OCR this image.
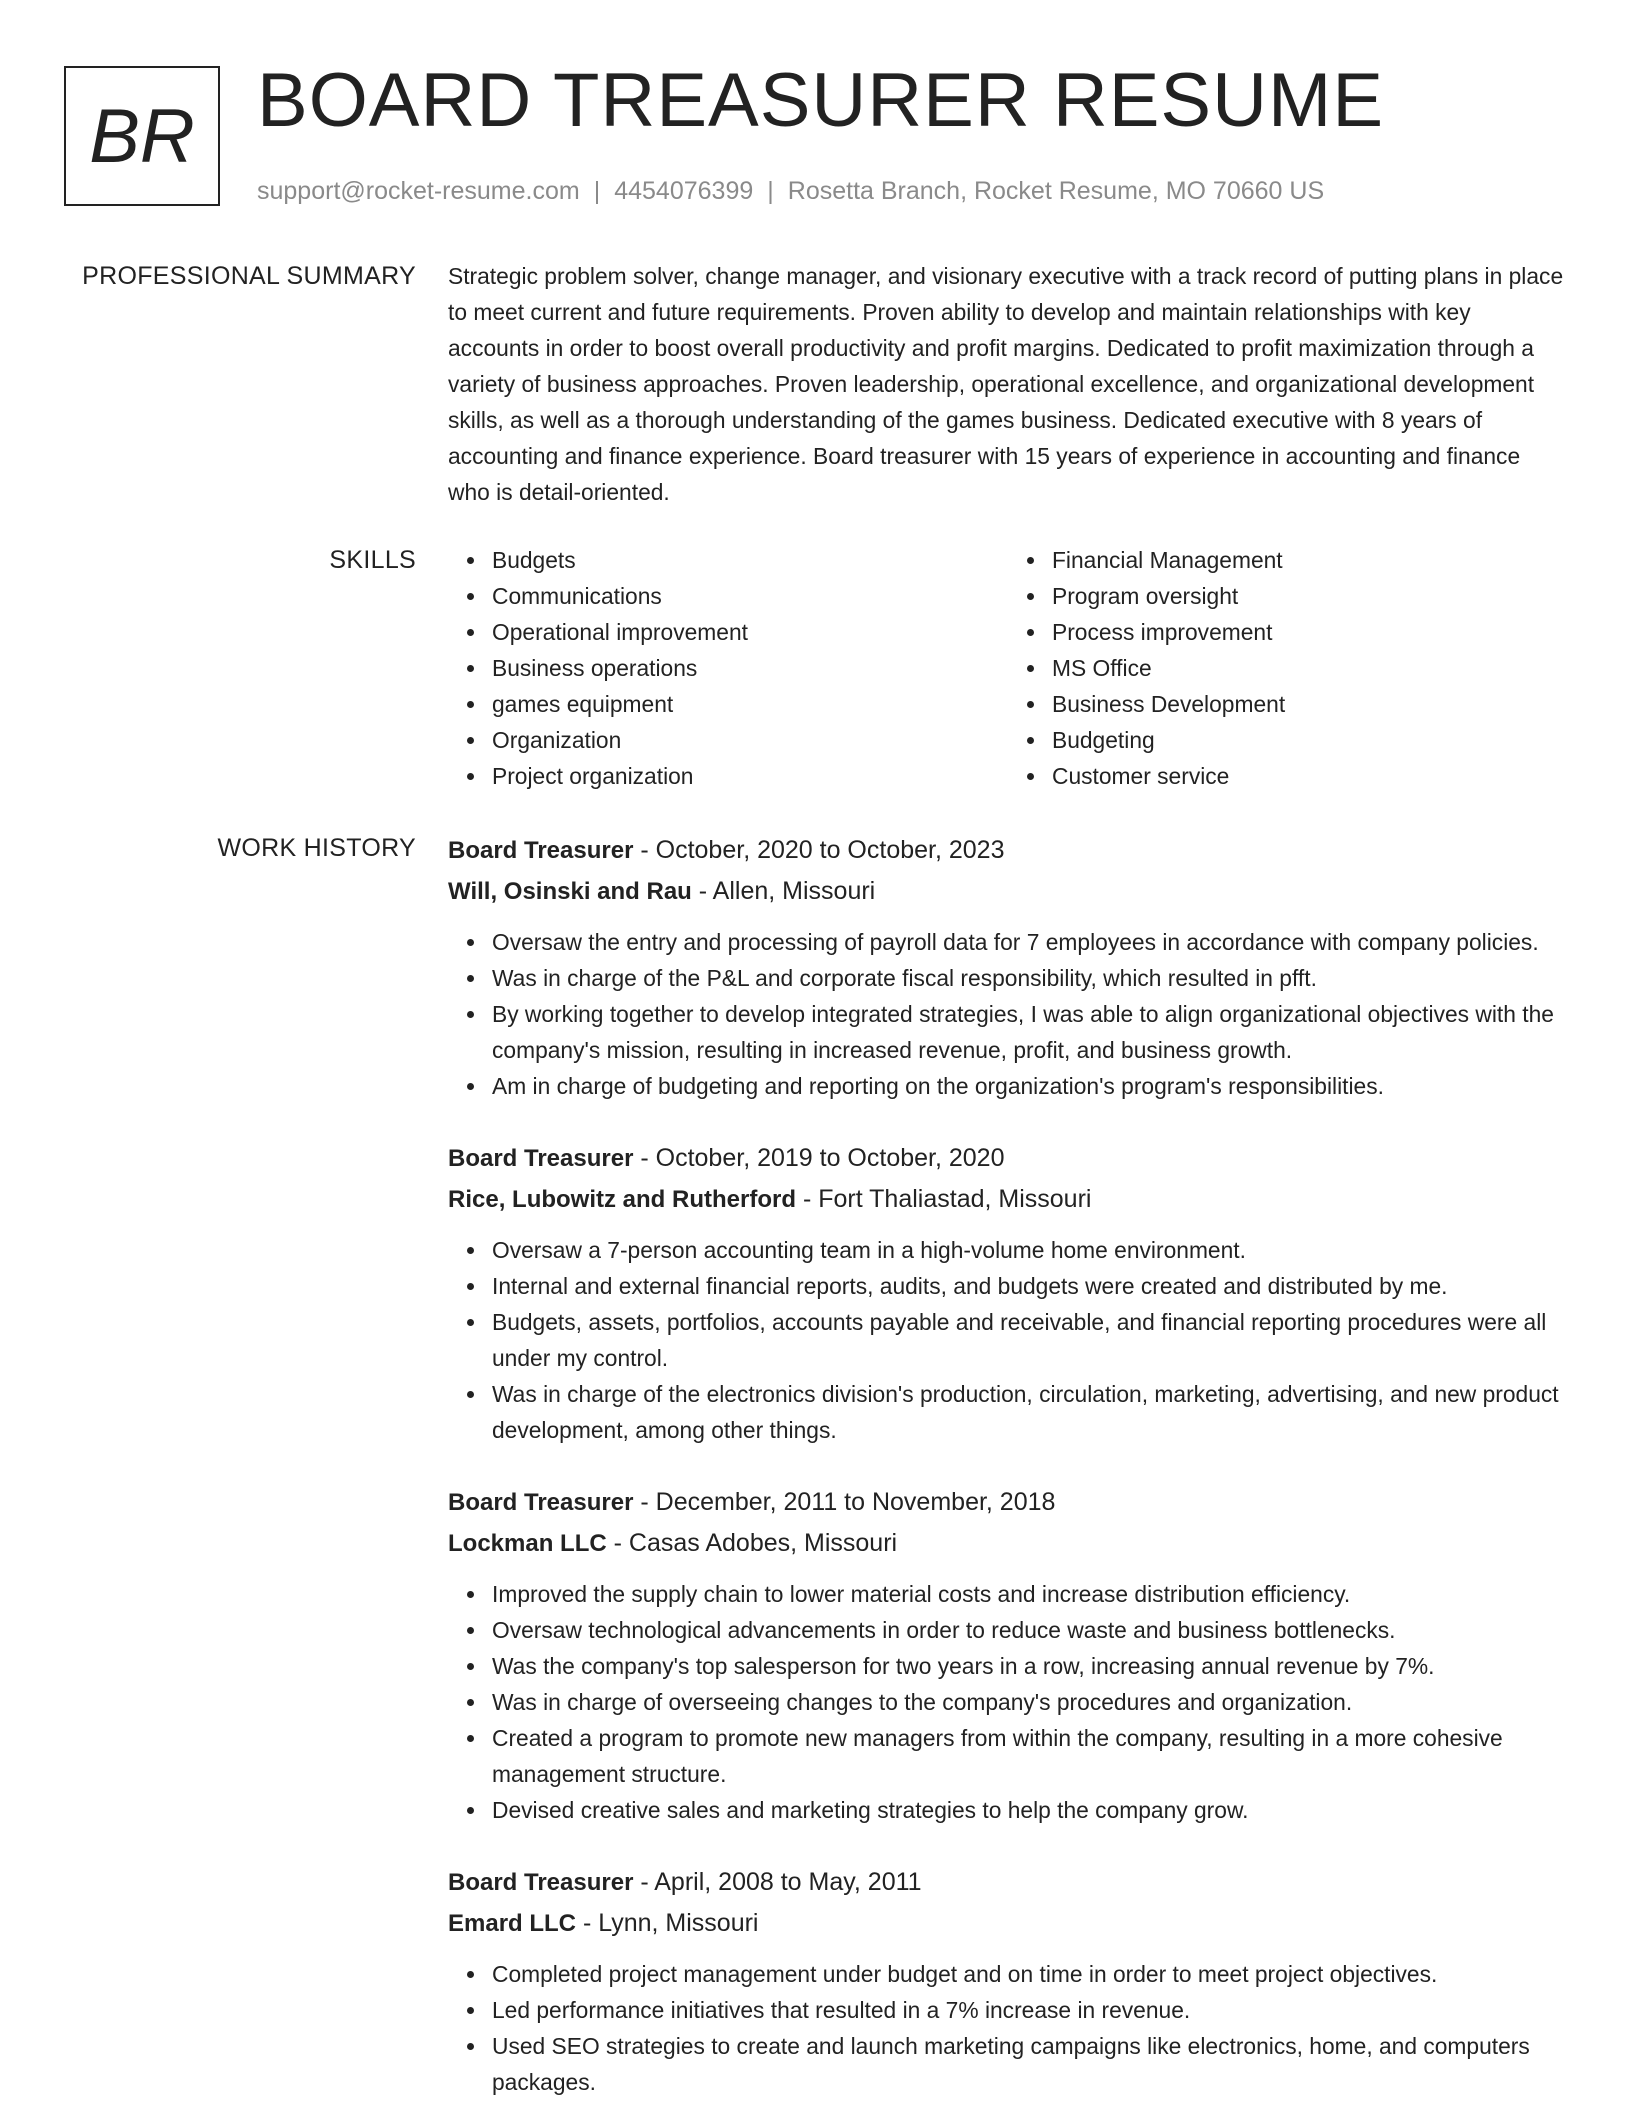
BR BOARD TREASURER RESUME
support@rocket-resume.com | 4454076399 | Rosetta Branch, Rocket Resume, MO 70660 US
PROFESSIONAL SUMMARY Strategic problem solver, change manager, and visionary executive with a track record of putting plans in place to meet current and future requirements. Proven ability to develop and maintain relationships with key accounts in order to boost overall productivity and profit margins. Dedicated to profit maximization through a variety of business approaches. Proven leadership, operational excellence, and organizational development skills, as well as a thorough understanding of the games business. Dedicated executive with 8 years of accounting and finance experience. Board treasurer with 15 years of experience in accounting and finance who is detail-oriented.

SKILLS	Budgets
Communications
Operational improvement
Business operations
games equipment
Organization
Project organization
Financial Management
Program oversight
Process improvement
MS Office
Business Development
Budgeting
Customer service
WORK HISTORY Board Treasurer - October, 2020 to October, 2023
Will, Osinski and Rau - Allen, Missouri
Oversaw the entry and processing of payroll data for 7 employees in accordance with company policies.
Was in charge of the P&L and corporate fiscal responsibility, which resulted in pfft.
By working together to develop integrated strategies, I was able to align organizational objectives with the company's mission, resulting in increased revenue, profit, and business growth.
Am in charge of budgeting and reporting on the organization's program's responsibilities.
Board Treasurer - October, 2019 to October, 2020
Rice, Lubowitz and Rutherford - Fort Thaliastad, Missouri
Oversaw a 7-person accounting team in a high-volume home environment.
Internal and external financial reports, audits, and budgets were created and distributed by me.
Budgets, assets, portfolios, accounts payable and receivable, and financial reporting procedures were all under my control.
Was in charge of the electronics division's production, circulation, marketing, advertising, and new product development, among other things.
Board Treasurer - December, 2011 to November, 2018
Lockman LLC - Casas Adobes, Missouri
Improved the supply chain to lower material costs and increase distribution efficiency.
Oversaw technological advancements in order to reduce waste and business bottlenecks.
Was the company's top salesperson for two years in a row, increasing annual revenue by 7%.
Was in charge of overseeing changes to the company's procedures and organization.
Created a program to promote new managers from within the company, resulting in a more cohesive management structure.
Devised creative sales and marketing strategies to help the company grow.
Board Treasurer - April, 2008 to May, 2011
Emard LLC - Lynn, Missouri
Completed project management under budget and on time in order to meet project objectives.
Led performance initiatives that resulted in a 7% increase in revenue.
Used SEO strategies to create and launch marketing campaigns like electronics, home, and computers packages.
